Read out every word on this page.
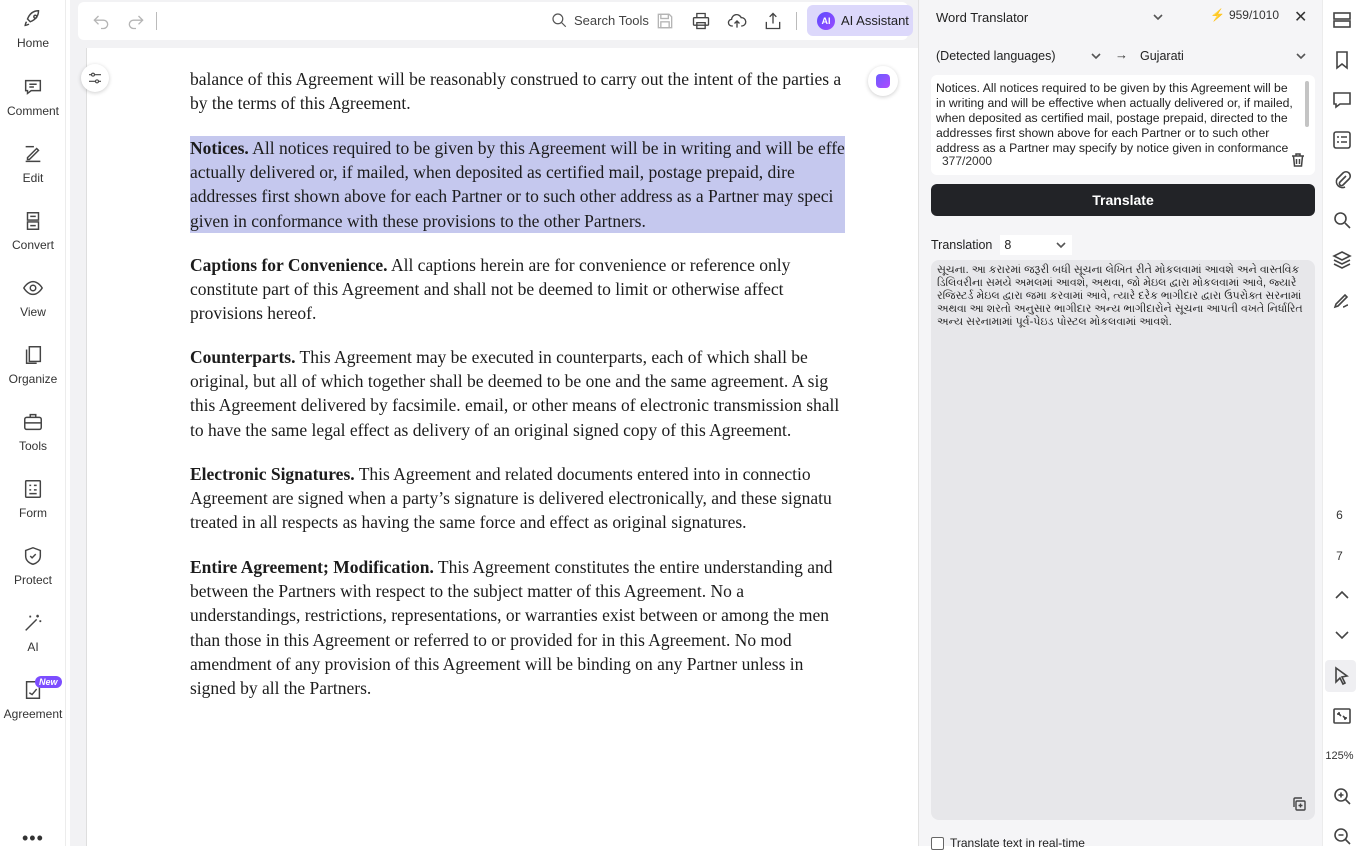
Home
Comment
Edit
Convert
View
Organize
Tools
Form
Protect
AI
New
Agreement
•••
Search Tools	AI AI Assistant
balance of this Agreement will be reasonably construed to carry out the intent of the parties a
by the terms of this Agreement.
Notices. All notices required to be given by this Agreement will be in writing and will be effe
actually delivered or, if mailed, when deposited as certified mail, postage prepaid, dire
addresses first shown above for each Partner or to such other address as a Partner may speci
given in conformance with these provisions to the other Partners.
Captions for Convenience. All captions herein are for convenience or reference only
constitute part of this Agreement and shall not be deemed to limit or otherwise affect
provisions hereof.
Counterparts. This Agreement may be executed in counterparts, each of which shall be
original, but all of which together shall be deemed to be one and the same agreement. A sig
this Agreement delivered by facsimile. email, or other means of electronic transmission shall
to have the same legal effect as delivery of an original signed copy of this Agreement.
Electronic Signatures. This Agreement and related documents entered into in connectio
Agreement are signed when a party’s signature is delivered electronically, and these signatu
treated in all respects as having the same force and effect as original signatures.
Entire Agreement; Modification. This Agreement constitutes the entire understanding and
between the Partners with respect to the subject matter of this Agreement. No a
understandings, restrictions, representations, or warranties exist between or among the men
than those in this Agreement or referred to or provided for in this Agreement. No mod
amendment of any provision of this Agreement will be binding on any Partner unless in
signed by all the Partners.
Word Translator	⚡ 959/1010 ✕
(Detected languages)	→ Gujarati
Notices. All notices required to be given by this Agreement will be in writing and will be effective when actually delivered or, if mailed, when deposited as certified mail, postage prepaid, directed to the addresses first shown above for each Partner or to such other address as a Partner may specify by notice given in conformance
377/2000
Translate
Translation 8
સૂચના. આ કરારમાં જરૂરી બધી સૂચના લેખિત રીતે મોકલવામાં આવશે અને વાસ્તવિક ડિલિવરીના સમયે અમલમાં આવશે, અથવા, જો મેઇલ દ્વારા મોકલવામાં આવે, જ્યારે રજિસ્ટર્ડ મેઇલ દ્વારા જમા કરવામાં આવે, ત્યારે દરેક ભાગીદાર દ્વારા ઉપરોક્ત સરનામાં અથવા આ શરતો અનુસાર ભાગીદાર અન્ય ભાગીદારોને સૂચના આપતી વખતે નિર્ધારિત અન્ય સરનામામાં પૂર્વ-પેઇડ પોસ્ટલ મોકલવામાં આવશે.
Translate text in real-time
6
7
125%
